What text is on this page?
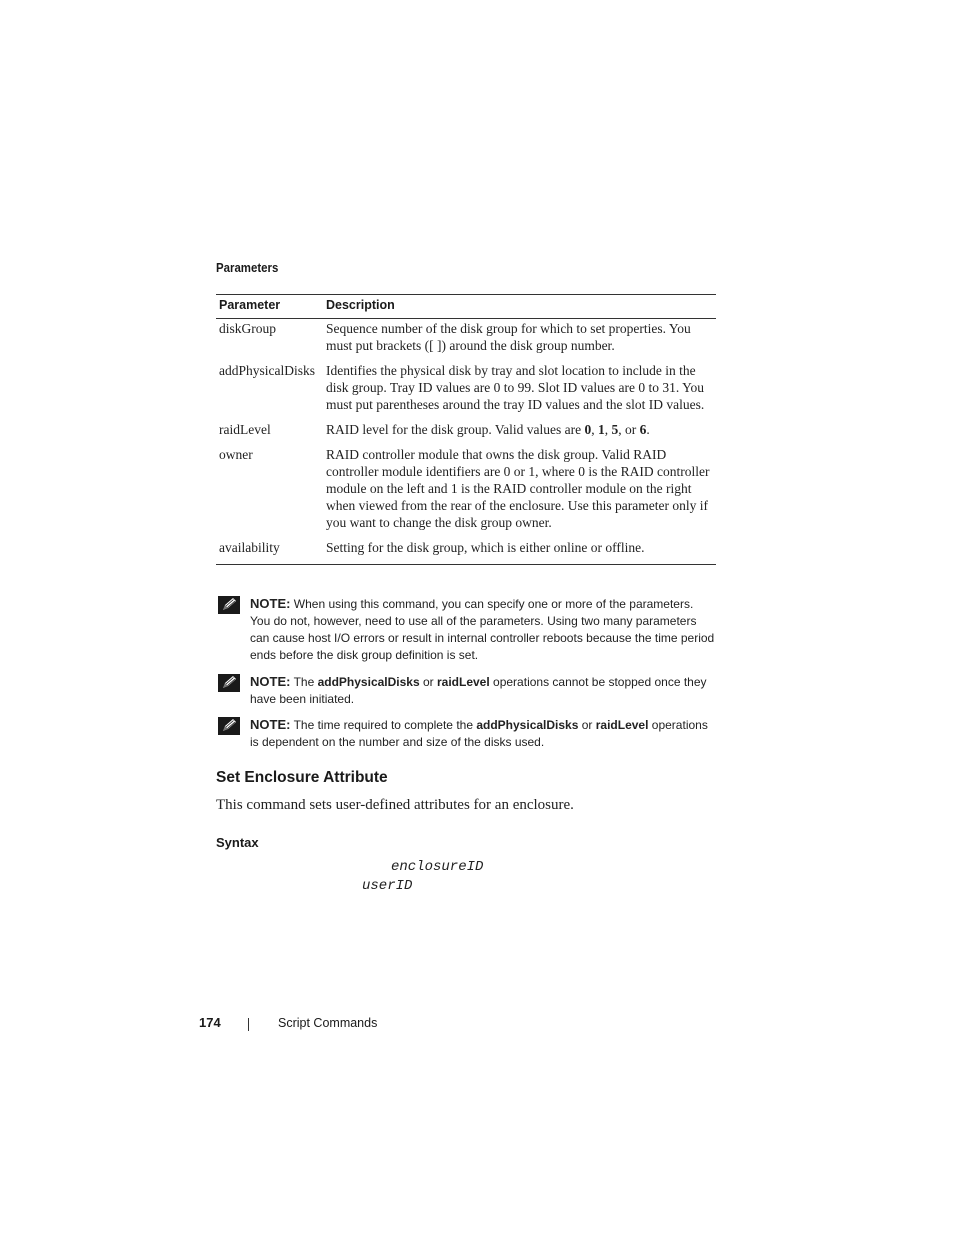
Parameters
Parameter	Description
diskGroup	Sequence number of the disk group for which to set properties. You must put brackets ([ ]) around the disk group number.
addPhysicalDisks	Identifies the physical disk by tray and slot location to include in the disk group. Tray ID values are 0 to 99. Slot ID values are 0 to 31. You must put parentheses around the tray ID values and the slot ID values.
raidLevel	RAID level for the disk group. Valid values are 0, 1, 5, or 6.
owner	RAID controller module that owns the disk group. Valid RAID controller module identifiers are 0 or 1, where 0 is the RAID controller module on the left and 1 is the RAID controller module on the right when viewed from the rear of the enclosure. Use this parameter only if you want to change the disk group owner.
availability	Setting for the disk group, which is either online or offline.
NOTE: When using this command, you can specify one or more of the parameters. You do not, however, need to use all of the parameters. Using two many parameters can cause host I/O errors or result in internal controller reboots because the time period ends before the disk group definition is set.
NOTE: The addPhysicalDisks or raidLevel operations cannot be stopped once they have been initiated.
NOTE: The time required to complete the addPhysicalDisks or raidLevel operations is dependent on the number and size of the disks used.
Set Enclosure Attribute
This command sets user-defined attributes for an enclosure.
Syntax
enclosureID
userID
174	Script Commands
